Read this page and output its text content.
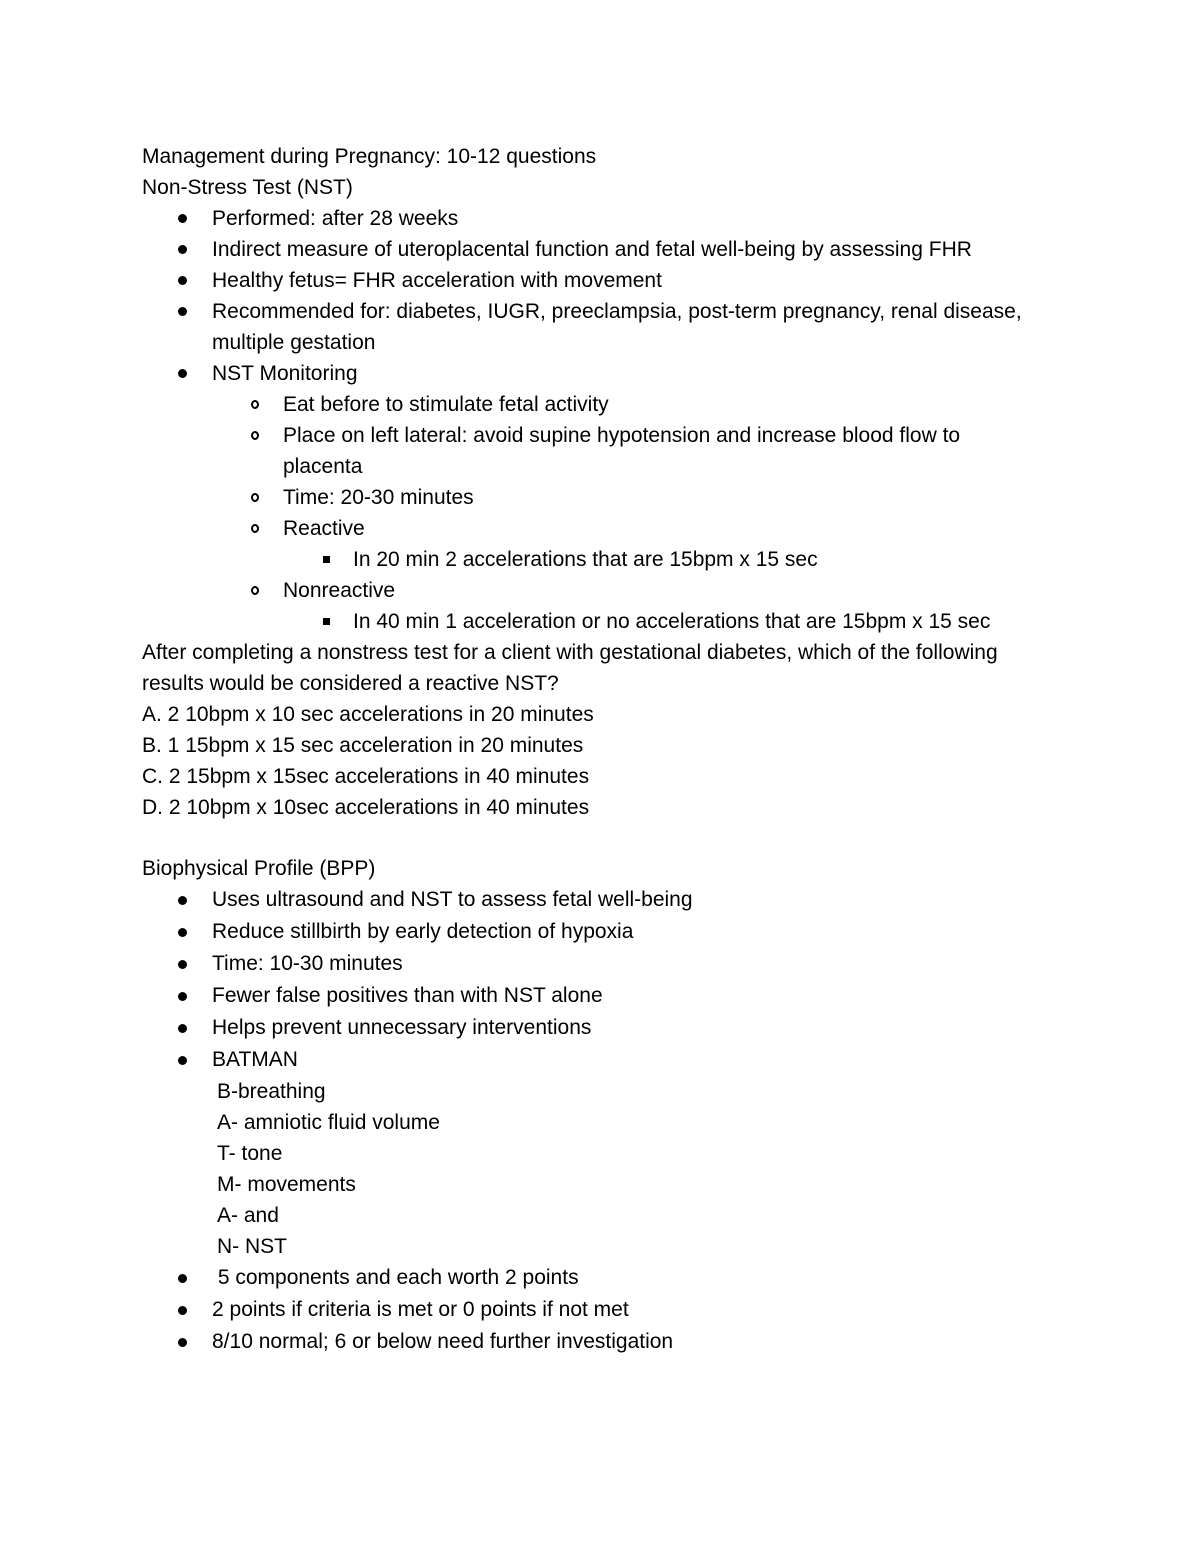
Management during Pregnancy: 10-12 questions
Non-Stress Test (NST)
Performed: after 28 weeks
Indirect measure of uteroplacental function and fetal well-being by assessing FHR
Healthy fetus= FHR acceleration with movement
Recommended for: diabetes, IUGR, preeclampsia, post-term pregnancy, renal disease,
multiple gestation
NST Monitoring
Eat before to stimulate fetal activity
Place on left lateral: avoid supine hypotension and increase blood flow to
placenta
Time: 20-30 minutes
Reactive
In 20 min 2 accelerations that are 15bpm x 15 sec
Nonreactive
In 40 min 1 acceleration or no accelerations that are 15bpm x 15 sec
After completing a nonstress test for a client with gestational diabetes, which of the following
results would be considered a reactive NST?
A. 2 10bpm x 10 sec accelerations in 20 minutes
B. 1 15bpm x 15 sec acceleration in 20 minutes
C. 2 15bpm x 15sec accelerations in 40 minutes
D. 2 10bpm x 10sec accelerations in 40 minutes
Biophysical Profile (BPP)
Uses ultrasound and NST to assess fetal well-being
Reduce stillbirth by early detection of hypoxia
Time: 10-30 minutes
Fewer false positives than with NST alone
Helps prevent unnecessary interventions
BATMAN
B-breathing
A- amniotic fluid volume
T- tone
M- movements
A- and
N- NST
5 components and each worth 2 points
2 points if criteria is met or 0 points if not met
8/10 normal; 6 or below need further investigation
